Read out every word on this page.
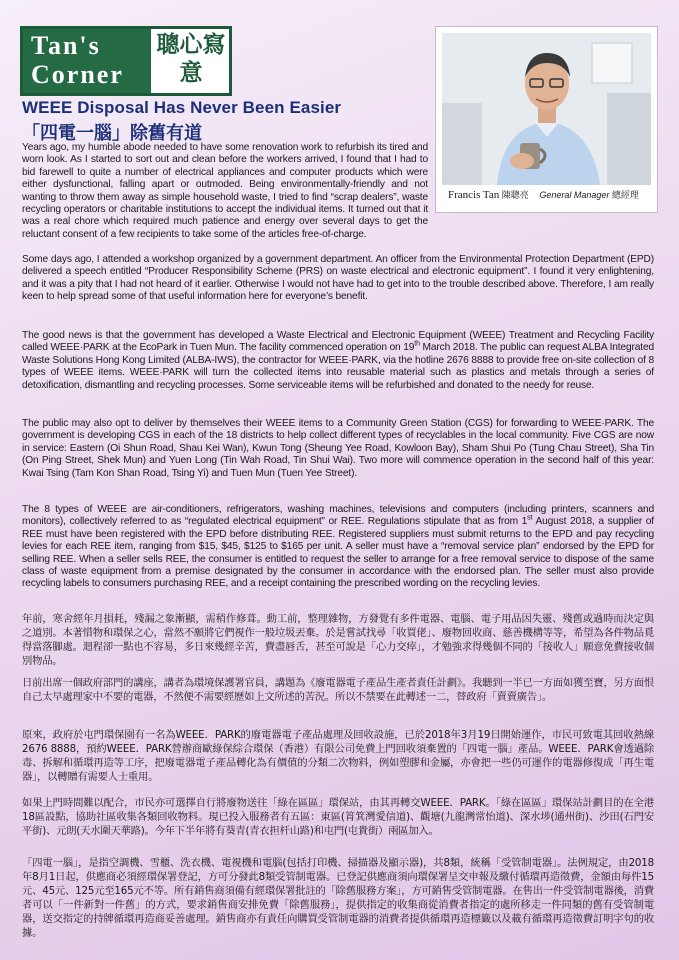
Tan's
Corner
聰心寫意
WEEE Disposal Has Never Been Easier
「四電一腦」除舊有道
Francis Tan 陳聰亮 General Manager 總經理

Years ago, my humble abode needed to have some renovation work to refurbish its tired and worn look. As I started to sort out and clean before the workers arrived, I found that I had to bid farewell to quite a number of electrical appliances and computer products which were either dysfunctional, falling apart or outmoded. Being environmentally-friendly and not wanting to throw them away as simple household waste, I tried to find “scrap dealers”, waste recycling operators or charitable institutions to accept the individual items. It turned out that it was a real chore which required much patience and energy over several days to get the reluctant consent of a few recipients to take some of the articles free-of-charge.

Some days ago, I attended a workshop organized by a government department. An officer from the Environmental Protection Department (EPD) delivered a speech entitled “Producer Responsibility Scheme (PRS) on waste electrical and electronic equipment”. I found it very enlightening, and it was a pity that I had not heard of it earlier. Otherwise I would not have had to get into to the trouble described above. Therefore, I am really keen to help spread some of that useful information here for everyone’s benefit.

The good news is that the government has developed a Waste Electrical and Electronic Equipment (WEEE) Treatment and Recycling Facility called WEEE·PARK at the EcoPark in Tuen Mun. The facility commenced operation on 19th March 2018. The public can request ALBA Integrated Waste Solutions Hong Kong Limited (ALBA-IWS), the contractor for WEEE·PARK, via the hotline 2676 8888 to provide free on-site collection of 8 types of WEEE items. WEEE·PARK will turn the collected items into reusable material such as plastics and metals through a series of detoxification, dismantling and recycling processes. Some serviceable items will be refurbished and donated to the needy for reuse.

The public may also opt to deliver by themselves their WEEE items to a Community Green Station (CGS) for forwarding to WEEE·PARK. The government is developing CGS in each of the 18 districts to help collect different types of recyclables in the local community. Five CGS are now in service: Eastern (Oi Shun Road, Shau Kei Wan), Kwun Tong (Sheung Yee Road, Kowloon Bay), Sham Shui Po (Tung Chau Street), Sha Tin (On Ping Street, Shek Mun) and Yuen Long (Tin Wah Road, Tin Shui Wai). Two more will commence operation in the second half of this year: Kwai Tsing (Tam Kon Shan Road, Tsing Yi) and Tuen Mun (Tuen Yee Street).

The 8 types of WEEE are air-conditioners, refrigerators, washing machines, televisions and computers (including printers, scanners and monitors), collectively referred to as “regulated electrical equipment” or REE. Regulations stipulate that as from 1st August 2018, a supplier of REE must have been registered with the EPD before distributing REE. Registered suppliers must submit returns to the EPD and pay recycling levies for each REE item, ranging from $15, $45, $125 to $165 per unit. A seller must have a “removal service plan” endorsed by the EPD for selling REE. When a seller sells REE, the consumer is entitled to request the seller to arrange for a free removal service to dispose of the same class of waste equipment from a premise designated by the consumer in accordance with the endorsed plan. The seller must also provide recycling labels to consumers purchasing REE, and a receipt containing the prescribed wording on the recycling levies.

年前，寒舍經年月損耗，殘漏之象漸顯，需稍作修葺。動工前，整理雜物，方發覺有多件電器、電腦、電子用品因失靈、殘舊或過時而決定與之道別。本著惜物和環保之心，當然不願將它們視作一般垃圾丟棄。於是嘗試找尋「收買佬」、廢物回收商、慈善機構等等，希望為各件物品覓得當落腳處。迴程卻一點也不容易，多日來幾經辛苦，費盡唇舌，甚至可說是「心力交瘁」，才勉強求得幾個不同的「接收人」願意免費接收個別物品。

日前出席一個政府部門的講座，講者為環境保護署官員，講題為《廢電器電子產品生產者責任計劃》。我聽到一半已一方面如獲至寶，另方面恨自己太早處理家中不要的電器，不然便不需要經歷如上文所述的苦況。所以不禁要在此轉述一二，替政府「賣賣廣告」。

原來，政府於屯門環保園有一名為WEEE．PARK的廢電器電子產品處理及回收設施，已於2018年3月19日開始運作，市民可致電其回收熱線2676 8888，預約WEEE．PARK營辦商歐綠保綜合環保（香港）有限公司免費上門回收須棄置的「四電一腦」產品。WEEE．PARK會透過除毒、拆解和循環再造等工序，把廢電器電子產品轉化為有價值的分類二次物料，例如塑膠和金屬，亦會把一些仍可運作的電器修復成「再生電器」，以轉贈有需要人士重用。

如果上門時間難以配合，市民亦可選擇自行將廢物送往「綠在區區」環保站，由其再轉交WEEE．PARK。「綠在區區」環保站計劃目的在全港18區設點，協助社區收集各類回收物料。現已投入服務者有五區：東區(筲箕灣愛信道)、觀塘(九龍灣常怡道)、深水埗(通州街)、沙田(石門安平街)、元朗(天水圍天華路)。今年下半年將有葵青(青衣担杆山路)和屯門(屯貴街）兩區加入。

「四電一腦」，是指空調機、雪櫃、洗衣機、電視機和電腦(包括打印機、掃描器及顯示器)，共8類，統稱「受管制電器」。法例規定，由2018年8月1日起，供應商必須經環保署登記，方可分發此8類受管制電器。已登記供應商須向環保署呈交申報及繳付循環再造徵費，金額由每件15元、45元、125元至165元不等。所有銷售商須備有經環保署批註的「除舊服務方案」，方可銷售受管制電器。在售出一件受管制電器後，消費者可以「一件新對一件舊」的方式，要求銷售商安排免費「除舊服務」，提供指定的收集商從消費者指定的處所移走一件同類的舊有受管制電器，送交指定的持牌循環再造商妥善處理。銷售商亦有責任向購買受管制電器的消費者提供循環再造標籤以及載有循環再造徵費訂明字句的收據。
